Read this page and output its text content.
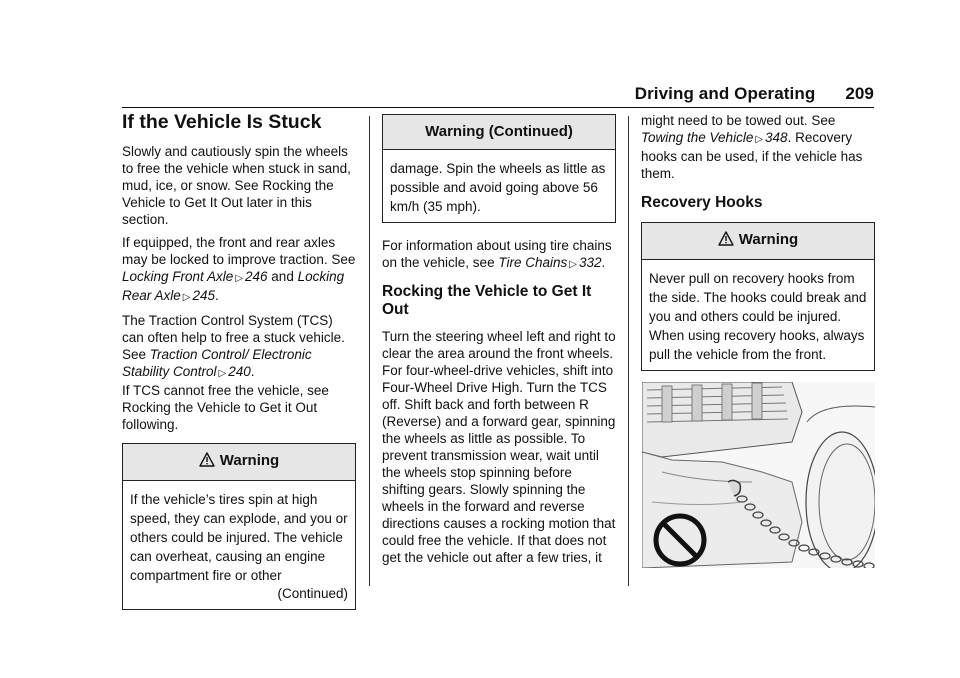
Driving and Operating 209
If the Vehicle Is Stuck

Slowly and cautiously spin the wheels to free the vehicle when stuck in sand, mud, ice, or snow. See Rocking the Vehicle to Get It Out later in this section.

If equipped, the front and rear axles may be locked to improve traction. See Locking Front Axle ▷ 246 and Locking Rear Axle ▷ 245.

The Traction Control System (TCS) can often help to free a stuck vehicle. See Traction Control/ Electronic Stability Control ▷ 240.

If TCS cannot free the vehicle, see Rocking the Vehicle to Get it Out following.

Warning

If the vehicle’s tires spin at high speed, they can explode, and you or others could be injured. The vehicle can overheat, causing an engine compartment fire or other

(Continued)
Warning (Continued)

damage. Spin the wheels as little as possible and avoid going above 56 km/h (35 mph).

For information about using tire chains on the vehicle, see Tire Chains ▷ 332.

Rocking the Vehicle to Get It Out

Turn the steering wheel left and right to clear the area around the front wheels. For four-wheel-drive vehicles, shift into Four-Wheel Drive High. Turn the TCS off. Shift back and forth between R (Reverse) and a forward gear, spinning the wheels as little as possible. To prevent transmission wear, wait until the wheels stop spinning before shifting gears. Slowly spinning the wheels in the forward and reverse directions causes a rocking motion that could free the vehicle. If that does not get the vehicle out after a few tries, it

might need to be towed out. See Towing the Vehicle ▷ 348. Recovery hooks can be used, if the vehicle has them.

Recovery Hooks
Warning

Never pull on recovery hooks from the side. The hooks could break and you and others could be injured. When using recovery hooks, always pull the vehicle from the front.
